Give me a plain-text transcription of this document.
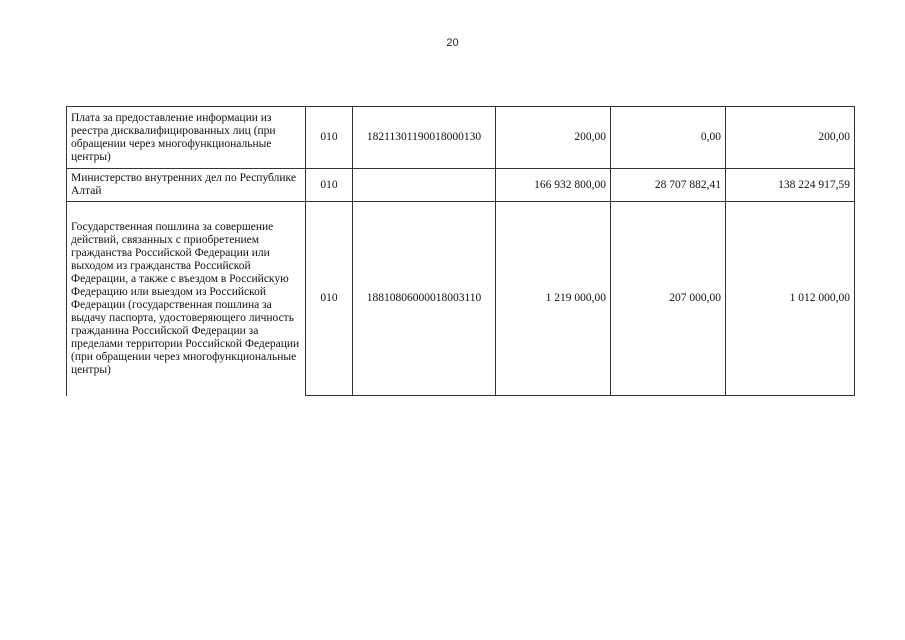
20
Плата за предоставление информации из реестра дисквалифицированных лиц (при обращении через многофункциональные центры)	010	18211301190018000130	200,00	0,00	200,00
Министерство внутренних дел по Республике Алтай	010		166 932 800,00	28 707 882,41	138 224 917,59
Государственная пошлина за совершение действий, связанных с приобретением гражданства Российской Федерации или выходом из гражданства Российской Федерации, а также с въездом в Российскую Федерацию или выездом из Российской Федерации (государственная пошлина за выдачу паспорта, удостоверяющего личность гражданина Российской Федерации за пределами территории Российской Федерации (при обращении через многофункциональные центры)	010	18810806000018003110	1 219 000,00	207 000,00	1 012 000,00
